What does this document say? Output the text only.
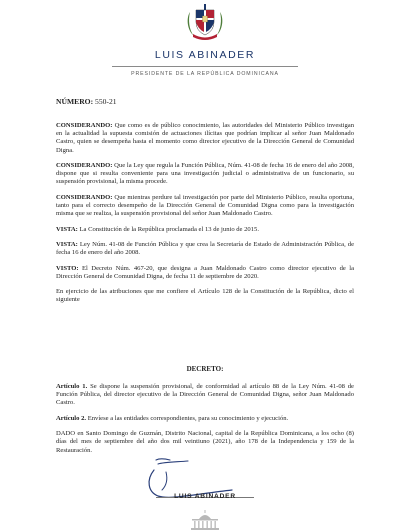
LUIS ABINADER
PRESIDENTE DE LA REPÚBLICA DOMINICANA
NÚMERO: 550-21

CONSIDERANDO: Que como es de público conocimiento, las autoridades del Ministerio Público investigan en la actualidad la supuesta comisión de actuaciones ilícitas que podrían implicar al señor Juan Maldonado Castro, quien se desempeña hasta el momento como director ejecutivo de la Dirección General de Comunidad Digna.

CONSIDERANDO: Que la Ley que regula la Función Pública, Núm. 41-08 de fecha 16 de enero del año 2008, dispone que si resulta conveniente para una investigación judicial o administrativa de un funcionario, su suspensión provisional, la misma procede.

CONSIDERANDO: Que mientras perdure tal investigación por parte del Ministerio Público, resulta oportuna, tanto para el correcto desempeño de la Dirección General de Comunidad Digna como para la investigación misma que se realiza, la suspensión provisional del señor Juan Maldonado Castro.

VISTA: La Constitución de la República proclamada el 13 de junio de 2015.

VISTA: Ley Núm. 41-08 de Función Pública y que crea la Secretaría de Estado de Administración Pública, de fecha 16 de enero del año 2008.

VISTO: El Decreto Núm. 467-20, que designa a Juan Maldonado Castro como director ejecutivo de la Dirección General de Comunidad Digna, de fecha 11 de septiembre de 2020.

En ejercicio de las atribuciones que me confiere el Artículo 128 de la Constitución de la República, dicto el siguiente

DECRETO:

Artículo 1. Se dispone la suspensión provisional, de conformidad al artículo 88 de la Ley Núm. 41-08 de Función Pública, del director ejecutivo de la Dirección General de Comunidad Digna, señor Juan Maldonado Castro.

Artículo 2. Envíese a las entidades correspondientes, para su conocimiento y ejecución.

DADO en Santo Domingo de Guzmán, Distrito Nacional, capital de la República Dominicana, a los ocho (8) días del mes de septiembre del año dos mil veintiuno (2021), año 178 de la Independencia y 159 de la Restauración.

LUIS ABINADER
